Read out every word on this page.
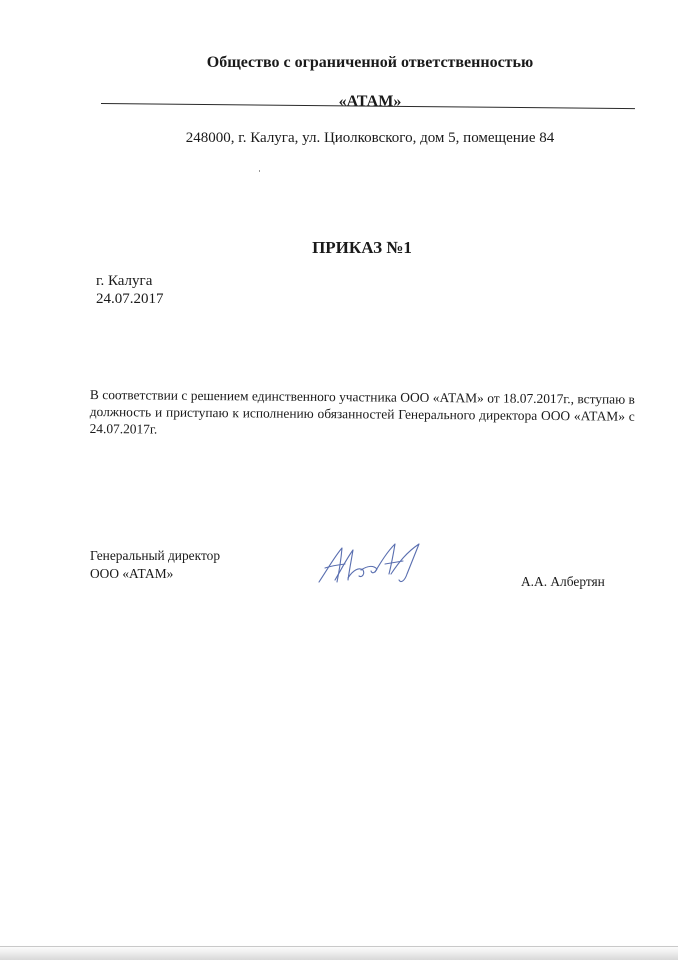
Общество с ограниченной ответственностью
«АТАМ»
248000, г. Калуга, ул. Циолковского, дом 5, помещение 84
ПРИКАЗ №1
г. Калуга
24.07.2017
В соответствии с решением единственного участника ООО «АТАМ» от 18.07.2017г., вступаю в должность и приступаю к исполнению обязанностей Генерального директора ООО «АТАМ» с 24.07.2017г.
Генеральный директор
ООО «АТАМ»
А.А. Албертян
